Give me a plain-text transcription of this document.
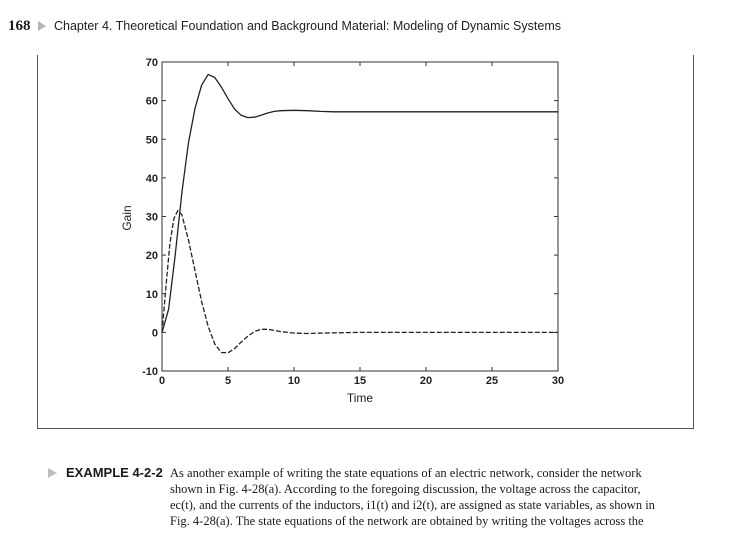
168 Chapter 4. Theoretical Foundation and Background Material: Modeling of Dynamic Systems
0	5	10	15	20	25	30
-10
0
10
20
30
40
50
60
70
Time
Gain
EXAMPLE 4-2-2 As another example of writing the state equations of an electric network, consider the network
shown in Fig. 4-28(a). According to the foregoing discussion, the voltage across the capacitor,
ec(t), and the currents of the inductors, i1(t) and i2(t), are assigned as state variables, as shown in
Fig. 4-28(a). The state equations of the network are obtained by writing the voltages across the
